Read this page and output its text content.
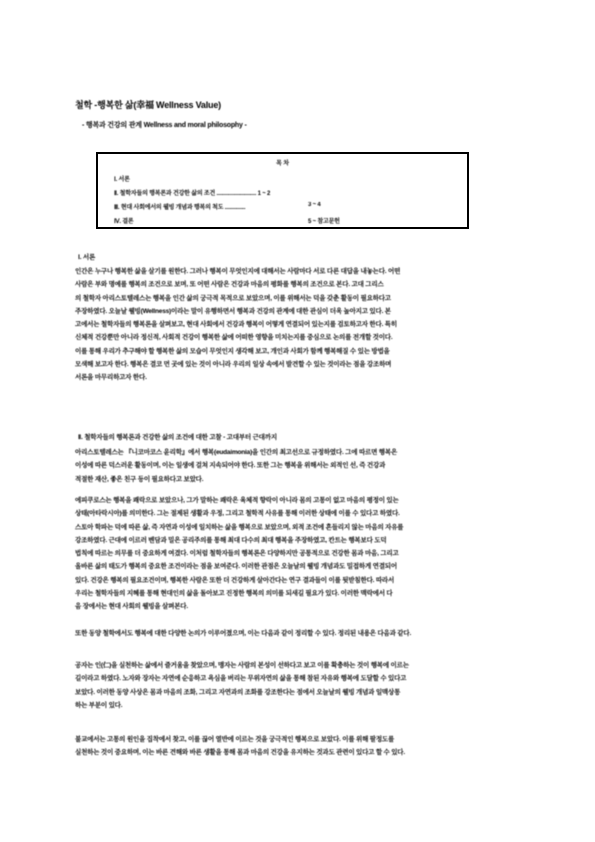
철학 -행복한 삶(幸福 Wellness Value)
- 행복과 건강의 관계 Wellness and moral philosophy -
목 차
Ⅰ. 서론
Ⅱ. 철학자들의 행복론과 건강한 삶의 조건 ........................... 1 ~ 2
Ⅲ. 현대 사회에서의 웰빙 개념과 행복의 척도 ..............	3 ~ 4
Ⅳ. 결론	5 ~ 참고문헌
Ⅰ. 서론
인간은 누구나 행복한 삶을 살기를 원한다. 그러나 행복이 무엇인지에 대해서는 사람마다 서로 다른 대답을 내놓는다. 어떤
사람은 부와 명예를 행복의 조건으로 보며, 또 어떤 사람은 건강과 마음의 평화를 행복의 조건으로 본다. 고대 그리스
의 철학자 아리스토텔레스는 행복을 인간 삶의 궁극적 목적으로 보았으며, 이를 위해서는 덕을 갖춘 활동이 필요하다고
주장하였다. 오늘날 웰빙(Wellness)이라는 말이 유행하면서 행복과 건강의 관계에 대한 관심이 더욱 높아지고 있다. 본
고에서는 철학자들의 행복론을 살펴보고, 현대 사회에서 건강과 행복이 어떻게 연결되어 있는지를 검토하고자 한다. 특히
신체적 건강뿐만 아니라 정신적, 사회적 건강이 행복한 삶에 어떠한 영향을 미치는지를 중심으로 논의를 전개할 것이다.
이를 통해 우리가 추구해야 할 행복한 삶의 모습이 무엇인지 생각해 보고, 개인과 사회가 함께 행복해질 수 있는 방법을
모색해 보고자 한다. 행복은 결코 먼 곳에 있는 것이 아니라 우리의 일상 속에서 발견할 수 있는 것이라는 점을 강조하며
서론을 마무리하고자 한다.
Ⅱ. 철학자들의 행복론과 건강한 삶의 조건에 대한 고찰 - 고대부터 근대까지
아리스토텔레스는 『니코마코스 윤리학』에서 행복(eudaimonia)을 인간의 최고선으로 규정하였다. 그에 따르면 행복은
이성에 따른 덕스러운 활동이며, 이는 일생에 걸쳐 지속되어야 한다. 또한 그는 행복을 위해서는 외적인 선, 즉 건강과
적절한 재산, 좋은 친구 등이 필요하다고 보았다.
에피쿠로스는 행복을 쾌락으로 보았으나, 그가 말하는 쾌락은 육체적 향락이 아니라 몸의 고통이 없고 마음의 평정이 있는
상태(아타락시아)를 의미한다. 그는 절제된 생활과 우정, 그리고 철학적 사유를 통해 이러한 상태에 이를 수 있다고 하였다.
스토아 학파는 덕에 따른 삶, 즉 자연과 이성에 일치하는 삶을 행복으로 보았으며, 외적 조건에 흔들리지 않는 마음의 자유를
강조하였다. 근대에 이르러 벤담과 밀은 공리주의를 통해 최대 다수의 최대 행복을 주장하였고, 칸트는 행복보다 도덕
법칙에 따르는 의무를 더 중요하게 여겼다. 이처럼 철학자들의 행복론은 다양하지만 공통적으로 건강한 몸과 마음, 그리고
올바른 삶의 태도가 행복의 중요한 조건이라는 점을 보여준다. 이러한 관점은 오늘날의 웰빙 개념과도 밀접하게 연결되어
있다. 건강은 행복의 필요조건이며, 행복한 사람은 또한 더 건강하게 살아간다는 연구 결과들이 이를 뒷받침한다. 따라서
우리는 철학자들의 지혜를 통해 현대인의 삶을 돌아보고 진정한 행복의 의미를 되새길 필요가 있다. 이러한 맥락에서 다
음 장에서는 현대 사회의 웰빙을 살펴본다.
또한 동양 철학에서도 행복에 대한 다양한 논의가 이루어졌으며, 이는 다음과 같이 정리할 수 있다. 정리된 내용은 다음과 같다.
공자는 인(仁)을 실천하는 삶에서 즐거움을 찾았으며, 맹자는 사람의 본성이 선하다고 보고 이를 확충하는 것이 행복에 이르는
길이라고 하였다. 노자와 장자는 자연에 순응하고 욕심을 버리는 무위자연의 삶을 통해 참된 자유와 행복에 도달할 수 있다고
보았다. 이러한 동양 사상은 몸과 마음의 조화, 그리고 자연과의 조화를 강조한다는 점에서 오늘날의 웰빙 개념과 일맥상통
하는 부분이 있다.
불교에서는 고통의 원인을 집착에서 찾고, 이를 끊어 열반에 이르는 것을 궁극적인 행복으로 보았다. 이를 위해 팔정도를
실천하는 것이 중요하며, 이는 바른 견해와 바른 생활을 통해 몸과 마음의 건강을 유지하는 것과도 관련이 있다고 할 수 있다.
